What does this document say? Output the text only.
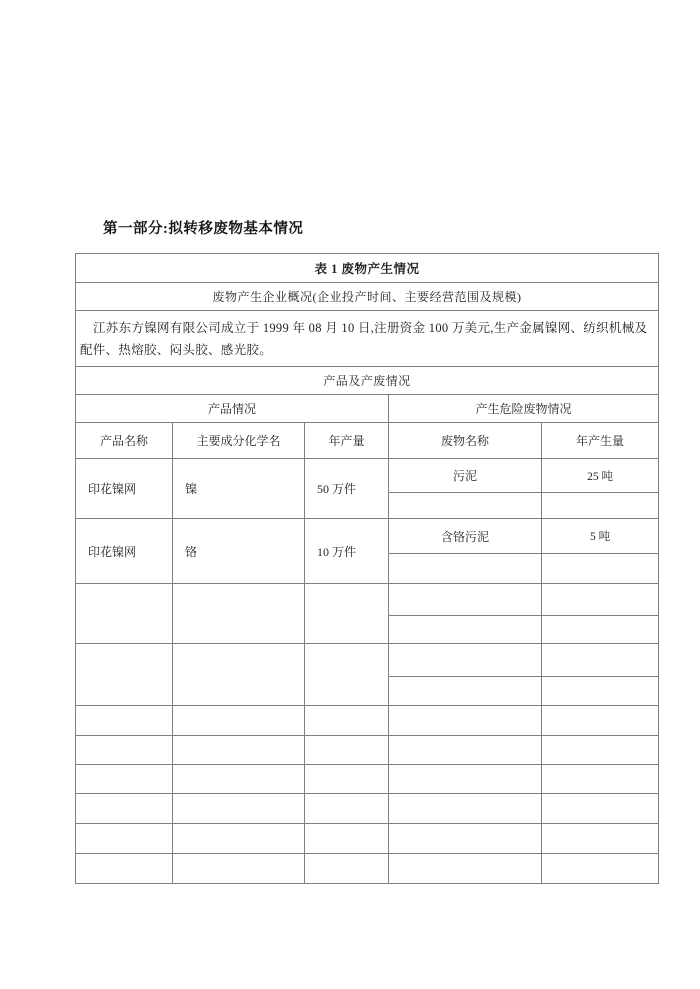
第一部分:拟转移废物基本情况
表 1 废物产生情况				
废物产生企业概况(企业投产时间、主要经营范围及规模)				
江苏东方镍网有限公司成立于 1999 年 08 月 10 日,注册资金 100 万美元,生产金属镍网、纺织机械及配件、热熔胶、闷头胶、感光胶。				
产品及产废情况				
产品情况			产生危险废物情况	
产品名称	主要成分化学名	年产量	废物名称	年产生量
印花镍网	镍	50 万件	污泥	25 吨

印花镍网	铬	10 万件	含铬污泥	5 吨
